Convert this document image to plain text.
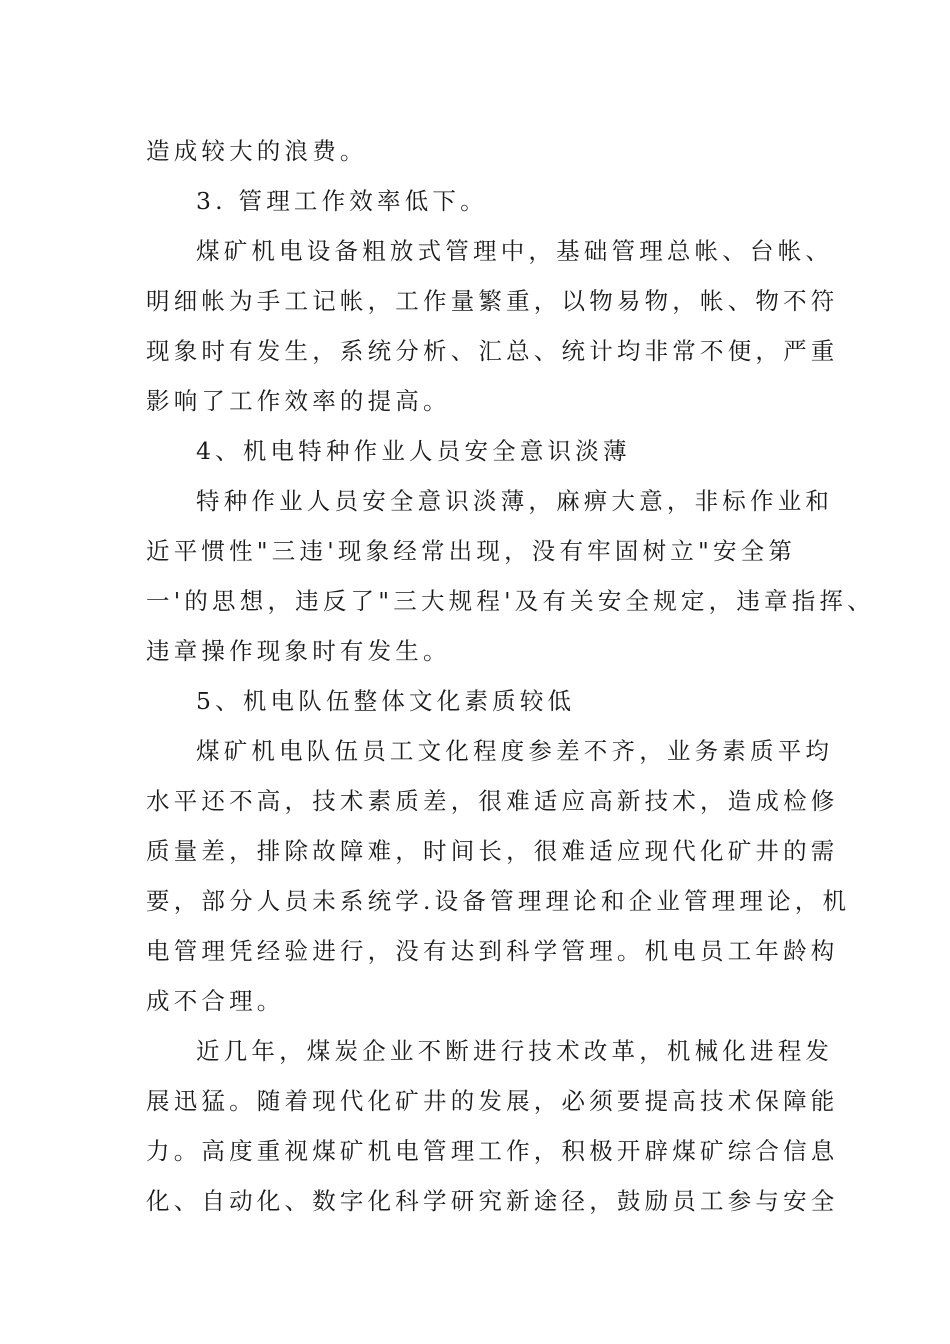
造成较大的浪费。
3. 管理工作效率低下。
煤矿机电设备粗放式管理中，基础管理总帐、台帐、
明细帐为手工记帐，工作量繁重，以物易物，帐、物不符
现象时有发生，系统分析、汇总、统计均非常不便，严重
影响了工作效率的提高。
4、机电特种作业人员安全意识淡薄
特种作业人员安全意识淡薄，麻痹大意，非标作业和
近平惯性"三违'现象经常出现，没有牢固树立"安全第
一'的思想，违反了"三大规程'及有关安全规定，违章指挥、
违章操作现象时有发生。
5、机电队伍整体文化素质较低
煤矿机电队伍员工文化程度参差不齐，业务素质平均
水平还不高，技术素质差，很难适应高新技术，造成检修
质量差，排除故障难，时间长，很难适应现代化矿井的需
要，部分人员未系统学.设备管理理论和企业管理理论，机
电管理凭经验进行，没有达到科学管理。机电员工年龄构
成不合理。
近几年，煤炭企业不断进行技术改革，机械化进程发
展迅猛。随着现代化矿井的发展，必须要提高技术保障能
力。高度重视煤矿机电管理工作，积极开辟煤矿综合信息
化、自动化、数字化科学研究新途径，鼓励员工参与安全
